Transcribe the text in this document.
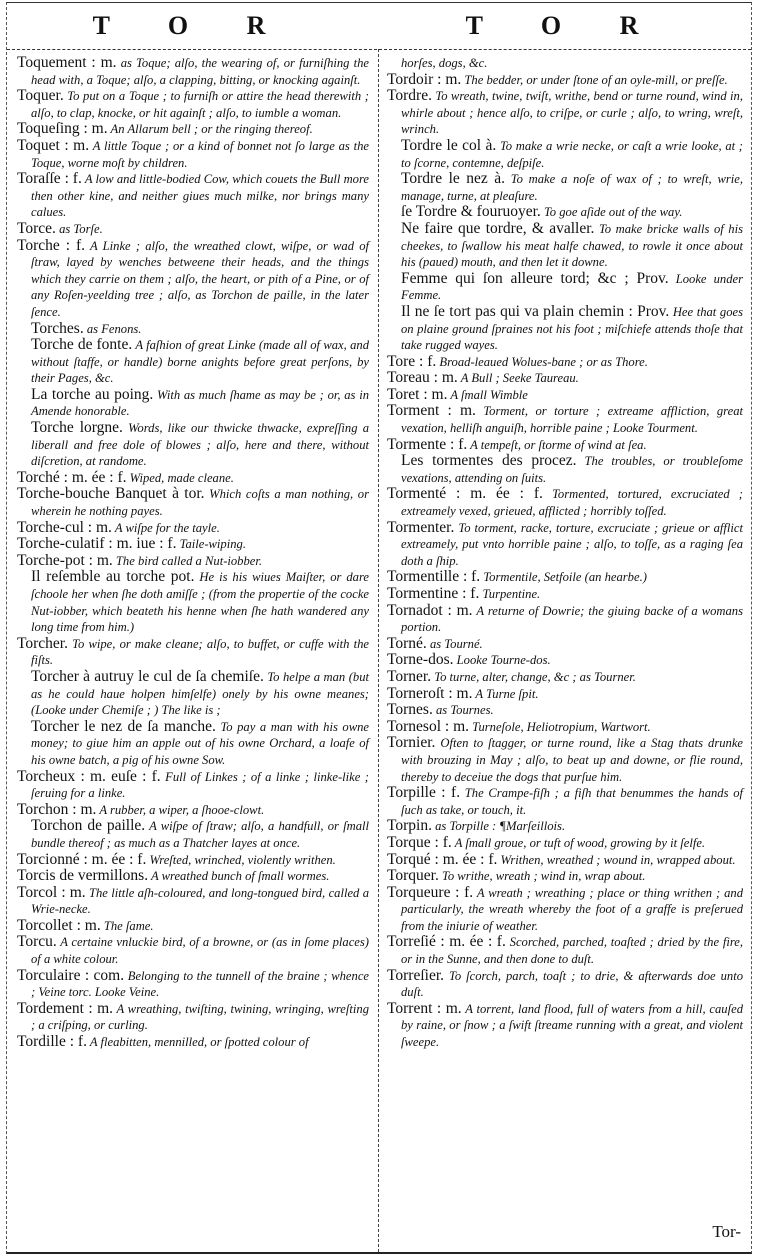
T O R	T O R

Toquement : m. as Toque; alſo, the wearing of, or furniſhing the head with, a Toque; alſo, a clapping, bitting, or knocking againſt.

Toquer. To put on a Toque ; to furniſh or attire the head therewith ; alſo, to clap, knocke, or hit againſt ; alſo, to iumble a woman.

Toqueſing : m. An Allarum bell ; or the ringing thereof.

Toquet : m. A little Toque ; or a kind of bonnet not ſo large as the Toque, worne moſt by children.

Toraſſe : f. A low and little-bodied Cow, which couets the Bull more then other kine, and neither giues much milke, nor brings many calues.

Torce. as Torſe.

Torche : f. A Linke ; alſo, the wreathed clowt, wiſpe, or wad of ſtraw, layed by wenches betweene their heads, and the things which they carrie on them ; alſo, the heart, or pith of a Pine, or of any Roſen-yeelding tree ; alſo, as Torchon de paille, in the later ſence.

Torches. as Fenons.

Torche de fonte. A faſhion of great Linke (made all of wax, and without ſtaffe, or handle) borne anights before great perſons, by their Pages, &c.

La torche au poing. With as much ſhame as may be ; or, as in Amende honorable.

Torche lorgne. Words, like our thwicke thwacke, expreſſing a liberall and free dole of blowes ; alſo, here and there, without diſcretion, at randome.

Torché : m. ée : f. Wiped, made cleane.

Torche-bouche Banquet à tor. Which coſts a man nothing, or wherein he nothing payes.

Torche-cul : m. A wiſpe for the tayle.

Torche-culatif : m. iue : f. Taile-wiping.

Torche-pot : m. The bird called a Nut-iobber.

Il reſemble au torche pot. He is his wiues Maiſter, or dare ſchoole her when ſhe doth amiſſe ; (from the propertie of the cocke Nut-iobber, which beateth his henne when ſhe hath wandered any long time from him.)

Torcher. To wipe, or make cleane; alſo, to buffet, or cuffe with the fiſts.

Torcher à autruy le cul de ſa chemiſe. To helpe a man (but as he could haue holpen himſelfe) onely by his owne meanes; (Looke under Chemiſe ; ) The like is ;

Torcher le nez de ſa manche. To pay a man with his owne money; to giue him an apple out of his owne Orchard, a loafe of his owne batch, a pig of his owne Sow.

Torcheux : m. euſe : f. Full of Linkes ; of a linke ; linke-like ; ſeruing for a linke.

Torchon : m. A rubber, a wiper, a ſhooe-clowt.

Torchon de paille. A wiſpe of ſtraw; alſo, a handfull, or ſmall bundle thereof ; as much as a Thatcher layes at once.

Torcionné : m. ée : f. Wreſted, wrinched, violently writhen.

Torcis de vermillons. A wreathed bunch of ſmall wormes.

Torcol : m. The little aſh-coloured, and long-tongued bird, called a Wrie-necke.

Torcollet : m. The ſame.

Torcu. A certaine vnluckie bird, of a browne, or (as in ſome places) of a white colour.

Torculaire : com. Belonging to the tunnell of the braine ; whence ; Veine torc. Looke Veine.

Tordement : m. A wreathing, twiſting, twining, wringing, wreſting ; a criſping, or curling.

Tordille : f. A fleabitten, mennilled, or ſpotted colour of

horſes, dogs, &c.

Tordoir : m. The bedder, or under ſtone of an oyle-mill, or preſſe.

Tordre. To wreath, twine, twiſt, writhe, bend or turne round, wind in, whirle about ; hence alſo, to criſpe, or curle ; alſo, to wring, wreſt, wrinch.

Tordre le col à. To make a wrie necke, or caſt a wrie looke, at ; to ſcorne, contemne, deſpiſe.

Tordre le nez à. To make a noſe of wax of ; to wreſt, wrie, manage, turne, at pleaſure.

ſe Tordre & fouruoyer. To goe aſide out of the way.

Ne faire que tordre, & avaller. To make bricke walls of his cheekes, to ſwallow his meat halfe chawed, to rowle it once about his (paued) mouth, and then let it downe.

Femme qui ſon alleure tord; &c ; Prov. Looke under Femme.

Il ne ſe tort pas qui va plain chemin : Prov. Hee that goes on plaine ground ſpraines not his foot ; miſchiefe attends thoſe that take rugged wayes.

Tore : f. Broad-leaued Wolues-bane ; or as Thore.

Toreau : m. A Bull ; Seeke Taureau.

Toret : m. A ſmall Wimble

Torment : m. Torment, or torture ; extreame affliction, great vexation, helliſh anguiſh, horrible paine ; Looke Tourment.

Tormente : f. A tempeſt, or ſtorme of wind at ſea.

Les tormentes des procez. The troubles, or troubleſome vexations, attending on ſuits.

Tormenté : m. ée : f. Tormented, tortured, excruciated ; extreamely vexed, grieued, afflicted ; horribly toſſed.

Tormenter. To torment, racke, torture, excruciate ; grieue or afflict extreamely, put vnto horrible paine ; alſo, to toſſe, as a raging ſea doth a ſhip.

Tormentille : f. Tormentile, Setfoile (an hearbe.)

Tormentine : f. Turpentine.

Tornadot : m. A returne of Dowrie; the giuing backe of a womans portion.

Torné. as Tourné.

Torne-dos. Looke Tourne-dos.

Torner. To turne, alter, change, &c ; as Tourner.

Torneroſt : m. A Turne ſpit.

Tornes. as Tournes.

Tornesol : m. Turneſole, Heliotropium, Wartwort.

Tornier. Often to ſtagger, or turne round, like a Stag thats drunke with brouzing in May ; alſo, to beat up and downe, or flie round, thereby to deceiue the dogs that purſue him.

Torpille : f. The Crampe-fiſh ; a fiſh that benummes the hands of ſuch as take, or touch, it.

Torpin. as Torpille : ¶Marſeillois.

Torque : f. A ſmall groue, or tuft of wood, growing by it ſelfe.

Torqué : m. ée : f. Writhen, wreathed ; wound in, wrapped about.

Torquer. To writhe, wreath ; wind in, wrap about.

Torqueure : f. A wreath ; wreathing ; place or thing writhen ; and particularly, the wreath whereby the foot of a graffe is preſerued from the iniurie of weather.

Torreſié : m. ée : f. Scorched, parched, toaſted ; dried by the fire, or in the Sunne, and then done to duſt.

Torreſier. To ſcorch, parch, toaſt ; to drie, & afterwards doe unto duſt.

Torrent : m. A torrent, land flood, full of waters from a hill, cauſed by raine, or ſnow ; a ſwift ſtreame running with a great, and violent ſweepe.

Tor-
